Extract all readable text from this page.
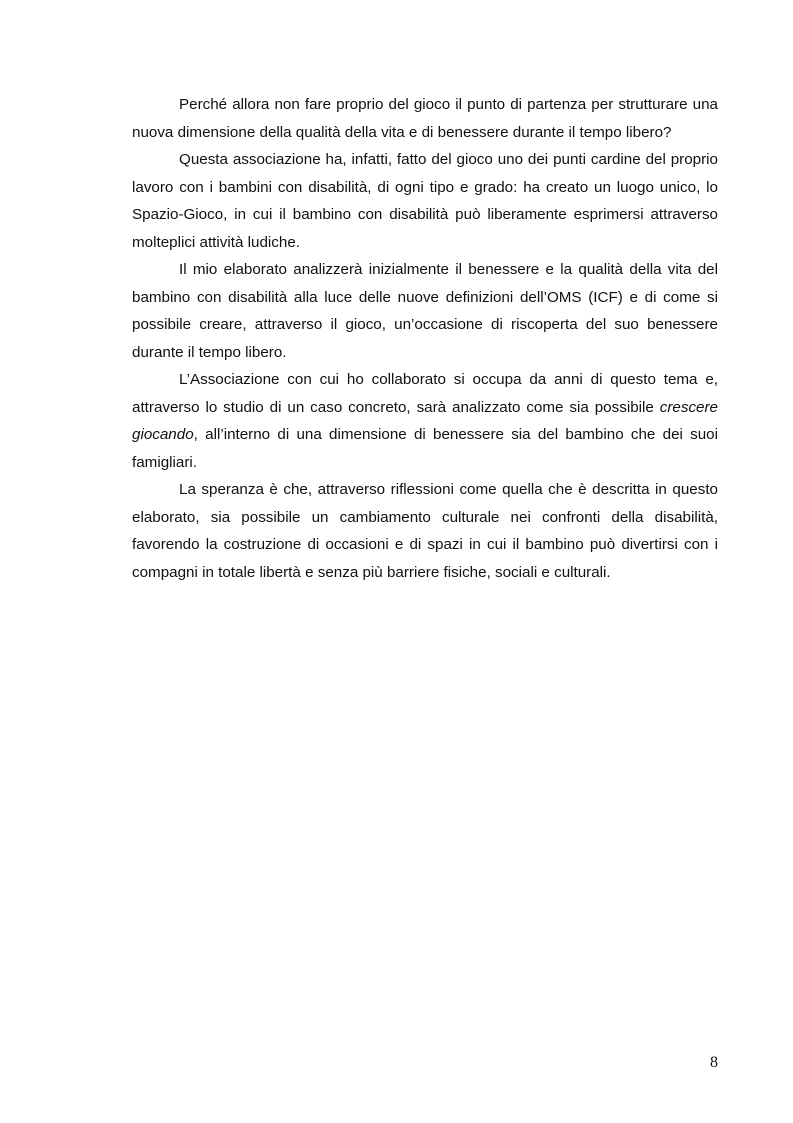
Perché allora non fare proprio del gioco il punto di partenza per strutturare una nuova dimensione della qualità della vita e di benessere durante il tempo libero?

Questa associazione ha, infatti, fatto del gioco uno dei punti cardine del proprio lavoro con i bambini con disabilità, di ogni tipo e grado: ha creato un luogo unico, lo Spazio-Gioco, in cui il bambino con disabilità può liberamente esprimersi attraverso molteplici attività ludiche.

Il mio elaborato analizzerà inizialmente il benessere e la qualità della vita del bambino con disabilità alla luce delle nuove definizioni dell’OMS (ICF) e di come si possibile creare, attraverso il gioco, un’occasione di riscoperta del suo benessere durante il tempo libero.

L’Associazione con cui ho collaborato si occupa da anni di questo tema e, attraverso lo studio di un caso concreto, sarà analizzato come sia possibile crescere giocando, all’interno di una dimensione di benessere sia del bambino che dei suoi famigliari.

La speranza è che, attraverso riflessioni come quella che è descritta in questo elaborato, sia possibile un cambiamento culturale nei confronti della disabilità, favorendo la costruzione di occasioni e di spazi in cui il bambino può divertirsi con i compagni in totale libertà e senza più barriere fisiche, sociali e culturali.

8
